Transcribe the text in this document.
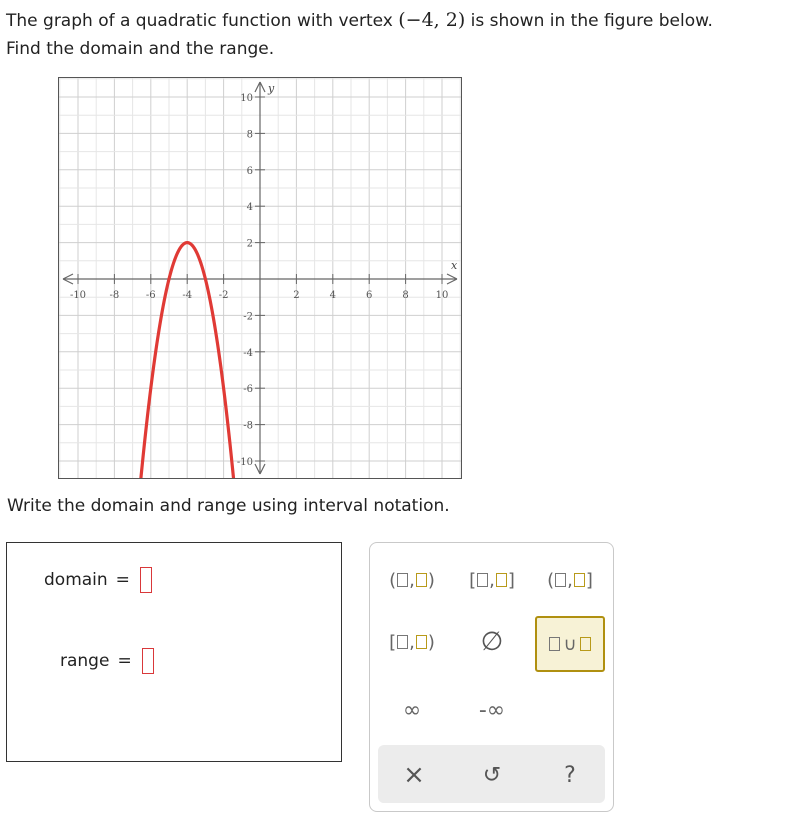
The graph of a quadratic function with vertex (−4, 2) is shown in the figure below.
Find the domain and the range.
-10 -8	-6	-4	-2	2	4	6	8	10
-10
-8
-6
-4
-2
2
4
6
8
10
x
y
Write the domain and range using interval notation.
domain =
range =
( , ) [ , ] ( , ]
[ , ) ∅	∪
∞	-∞
×	↺	?
